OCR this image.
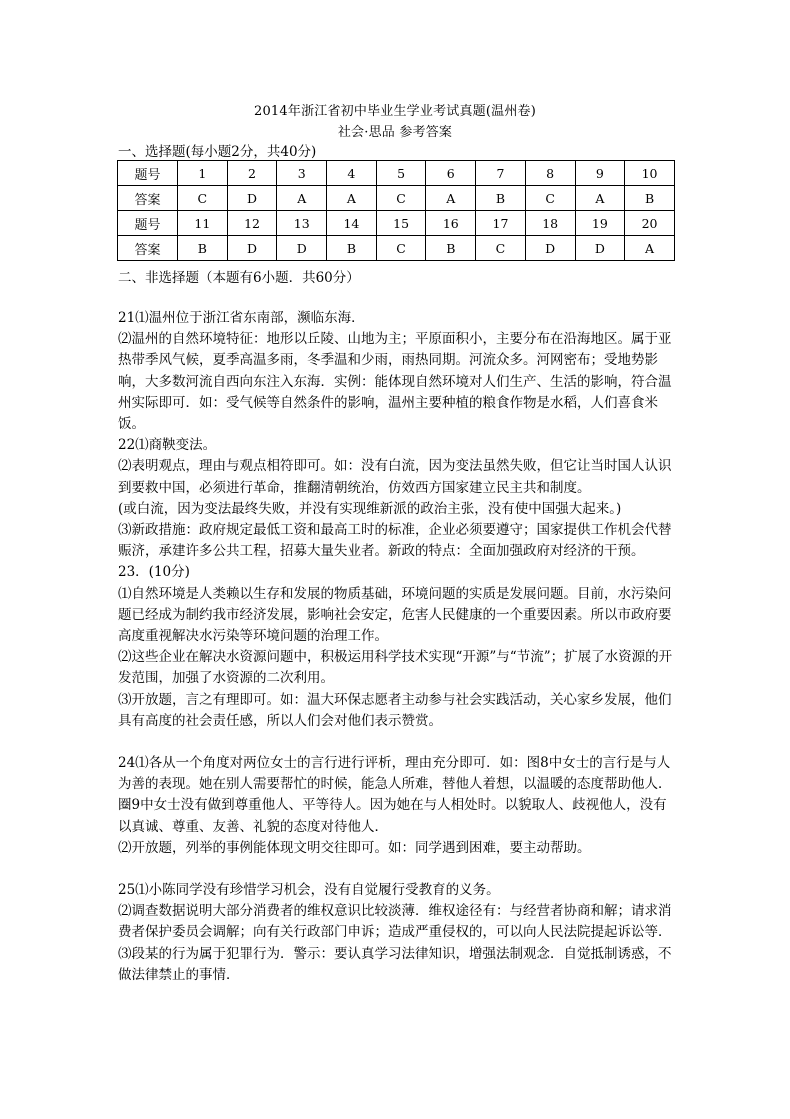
2014年浙江省初中毕业生学业考试真题(温州卷)
社会·思品 参考答案
一、选择题(每小题2分，共40分)
题号	1	2	3	4	5	6	7	8	9	10
答案	C	D	A	A	C	A	B	C	A	B
题号	11	12	13	14	15	16	17	18	19	20
答案	B	D	D	B	C	B	C	D	D	A
二、非选择题（本题有6小题．共60分）

21⑴温州位于浙江省东南部，濒临东海．

⑵温州的自然环境特征：地形以丘陵、山地为主；平原面积小，主要分布在沿海地区。属于亚热带季风气候，夏季高温多雨，冬季温和少雨，雨热同期。河流众多。河网密布；受地势影响，大多数河流自西向东注入东海．实例：能体现自然环境对人们生产、生活的影响，符合温州实际即可．如：受气候等自然条件的影响，温州主要种植的粮食作物是水稻，人们喜食米饭。

22⑴商鞅变法。

⑵表明观点，理由与观点相符即可。如：没有白流，因为变法虽然失败，但它让当时国人认识到要救中国，必须进行革命，推翻清朝统治，仿效西方国家建立民主共和制度。

(或白流，因为变法最终失败，并没有实现维新派的政治主张，没有使中国强大起来。)

⑶新政措施：政府规定最低工资和最高工时的标准，企业必须要遵守；国家提供工作机会代替赈济，承建许多公共工程，招募大量失业者。新政的特点：全面加强政府对经济的干预。

23．(10分)

⑴自然环境是人类赖以生存和发展的物质基础，环境问题的实质是发展问题。目前，水污染问题已经成为制约我市经济发展，影响社会安定，危害人民健康的一个重要因素。所以市政府要高度重视解决水污染等环境问题的治理工作。

⑵这些企业在解决水资源问题中，积极运用科学技术实现“开源”与“节流”；扩展了水资源的开发范围，加强了水资源的二次利用。

⑶开放题，言之有理即可。如：温大环保志愿者主动参与社会实践活动，关心家乡发展，他们具有高度的社会责任感，所以人们会对他们表示赞赏。

24⑴各从一个角度对两位女士的言行进行评析，理由充分即可．如：图8中女士的言行是与人为善的表现。她在别人需要帮忙的时候，能急人所难，替他人着想，以温暖的态度帮助他人．圈9中女士没有做到尊重他人、平等待人。因为她在与人相处时。以貌取人、歧视他人，没有以真诚、尊重、友善、礼貌的态度对待他人．

⑵开放题，列举的事例能体现文明交往即可。如：同学遇到困难，要主动帮助。

25⑴小陈同学没有珍惜学习机会，没有自觉履行受教育的义务。

⑵调查数据说明大部分消费者的维权意识比较淡薄．维权途径有：与经营者协商和解；请求消费者保护委员会调解；向有关行政部门申诉；造成严重侵权的，可以向人民法院提起诉讼等．

⑶段某的行为属于犯罪行为．警示：要认真学习法律知识，增强法制观念．自觉抵制诱惑，不做法律禁止的事情．
